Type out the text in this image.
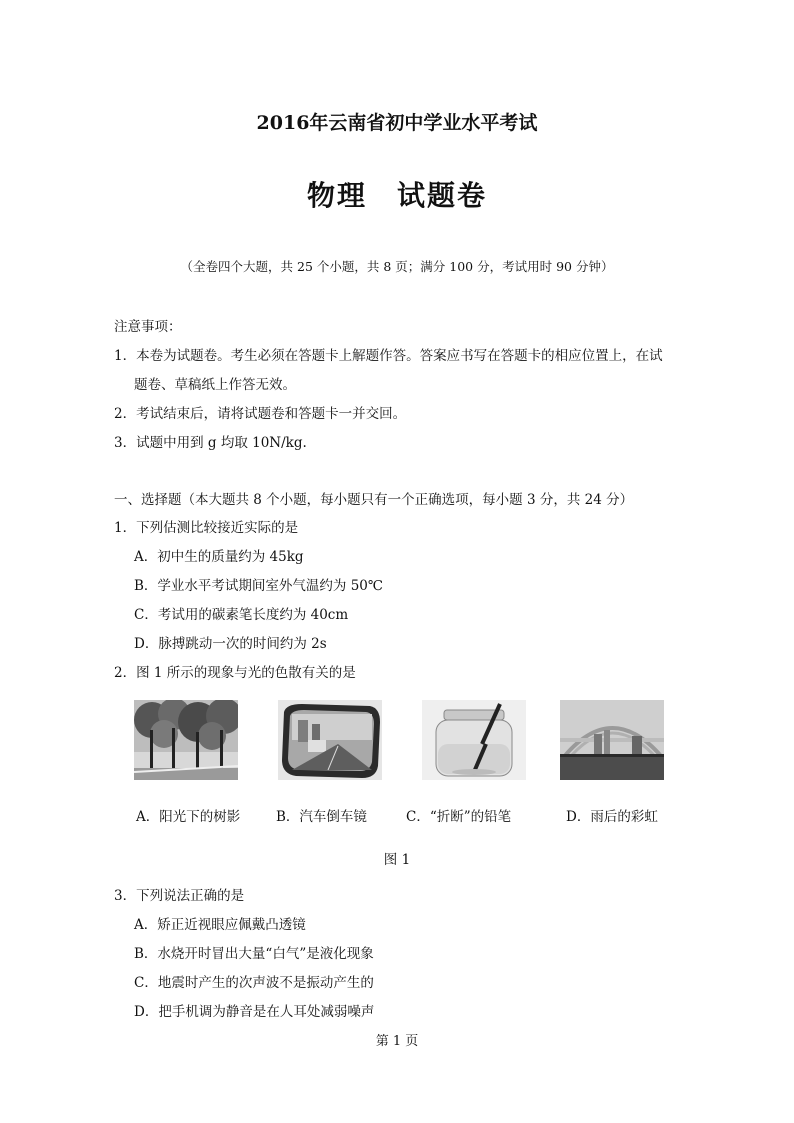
2016年云南省初中学业水平考试
物理　试题卷
（全卷四个大题，共 25 个小题，共 8 页；满分 100 分，考试用时 90 分钟）
注意事项：
1．本卷为试题卷。考生必须在答题卡上解题作答。答案应书写在答题卡的相应位置上，在试
题卷、草稿纸上作答无效。
2．考试结束后，请将试题卷和答题卡一并交回。
3．试题中用到 g 均取 10N/kg.
一、选择题（本大题共 8 个小题，每小题只有一个正确选项，每小题 3 分，共 24 分）
1．下列估测比较接近实际的是
A．初中生的质量约为 45kg
B．学业水平考试期间室外气温约为 50℃
C．考试用的碳素笔长度约为 40cm
D．脉搏跳动一次的时间约为 2s
2．图 1 所示的现象与光的色散有关的是
A．阳光下的树影	B．汽车倒车镜	C．“折断”的铅笔	D．雨后的彩虹
图 1
3．下列说法正确的是
A．矫正近视眼应佩戴凸透镜
B．水烧开时冒出大量“白气”是液化现象
C．地震时产生的次声波不是振动产生的
D．把手机调为静音是在人耳处减弱噪声
第 1 页
